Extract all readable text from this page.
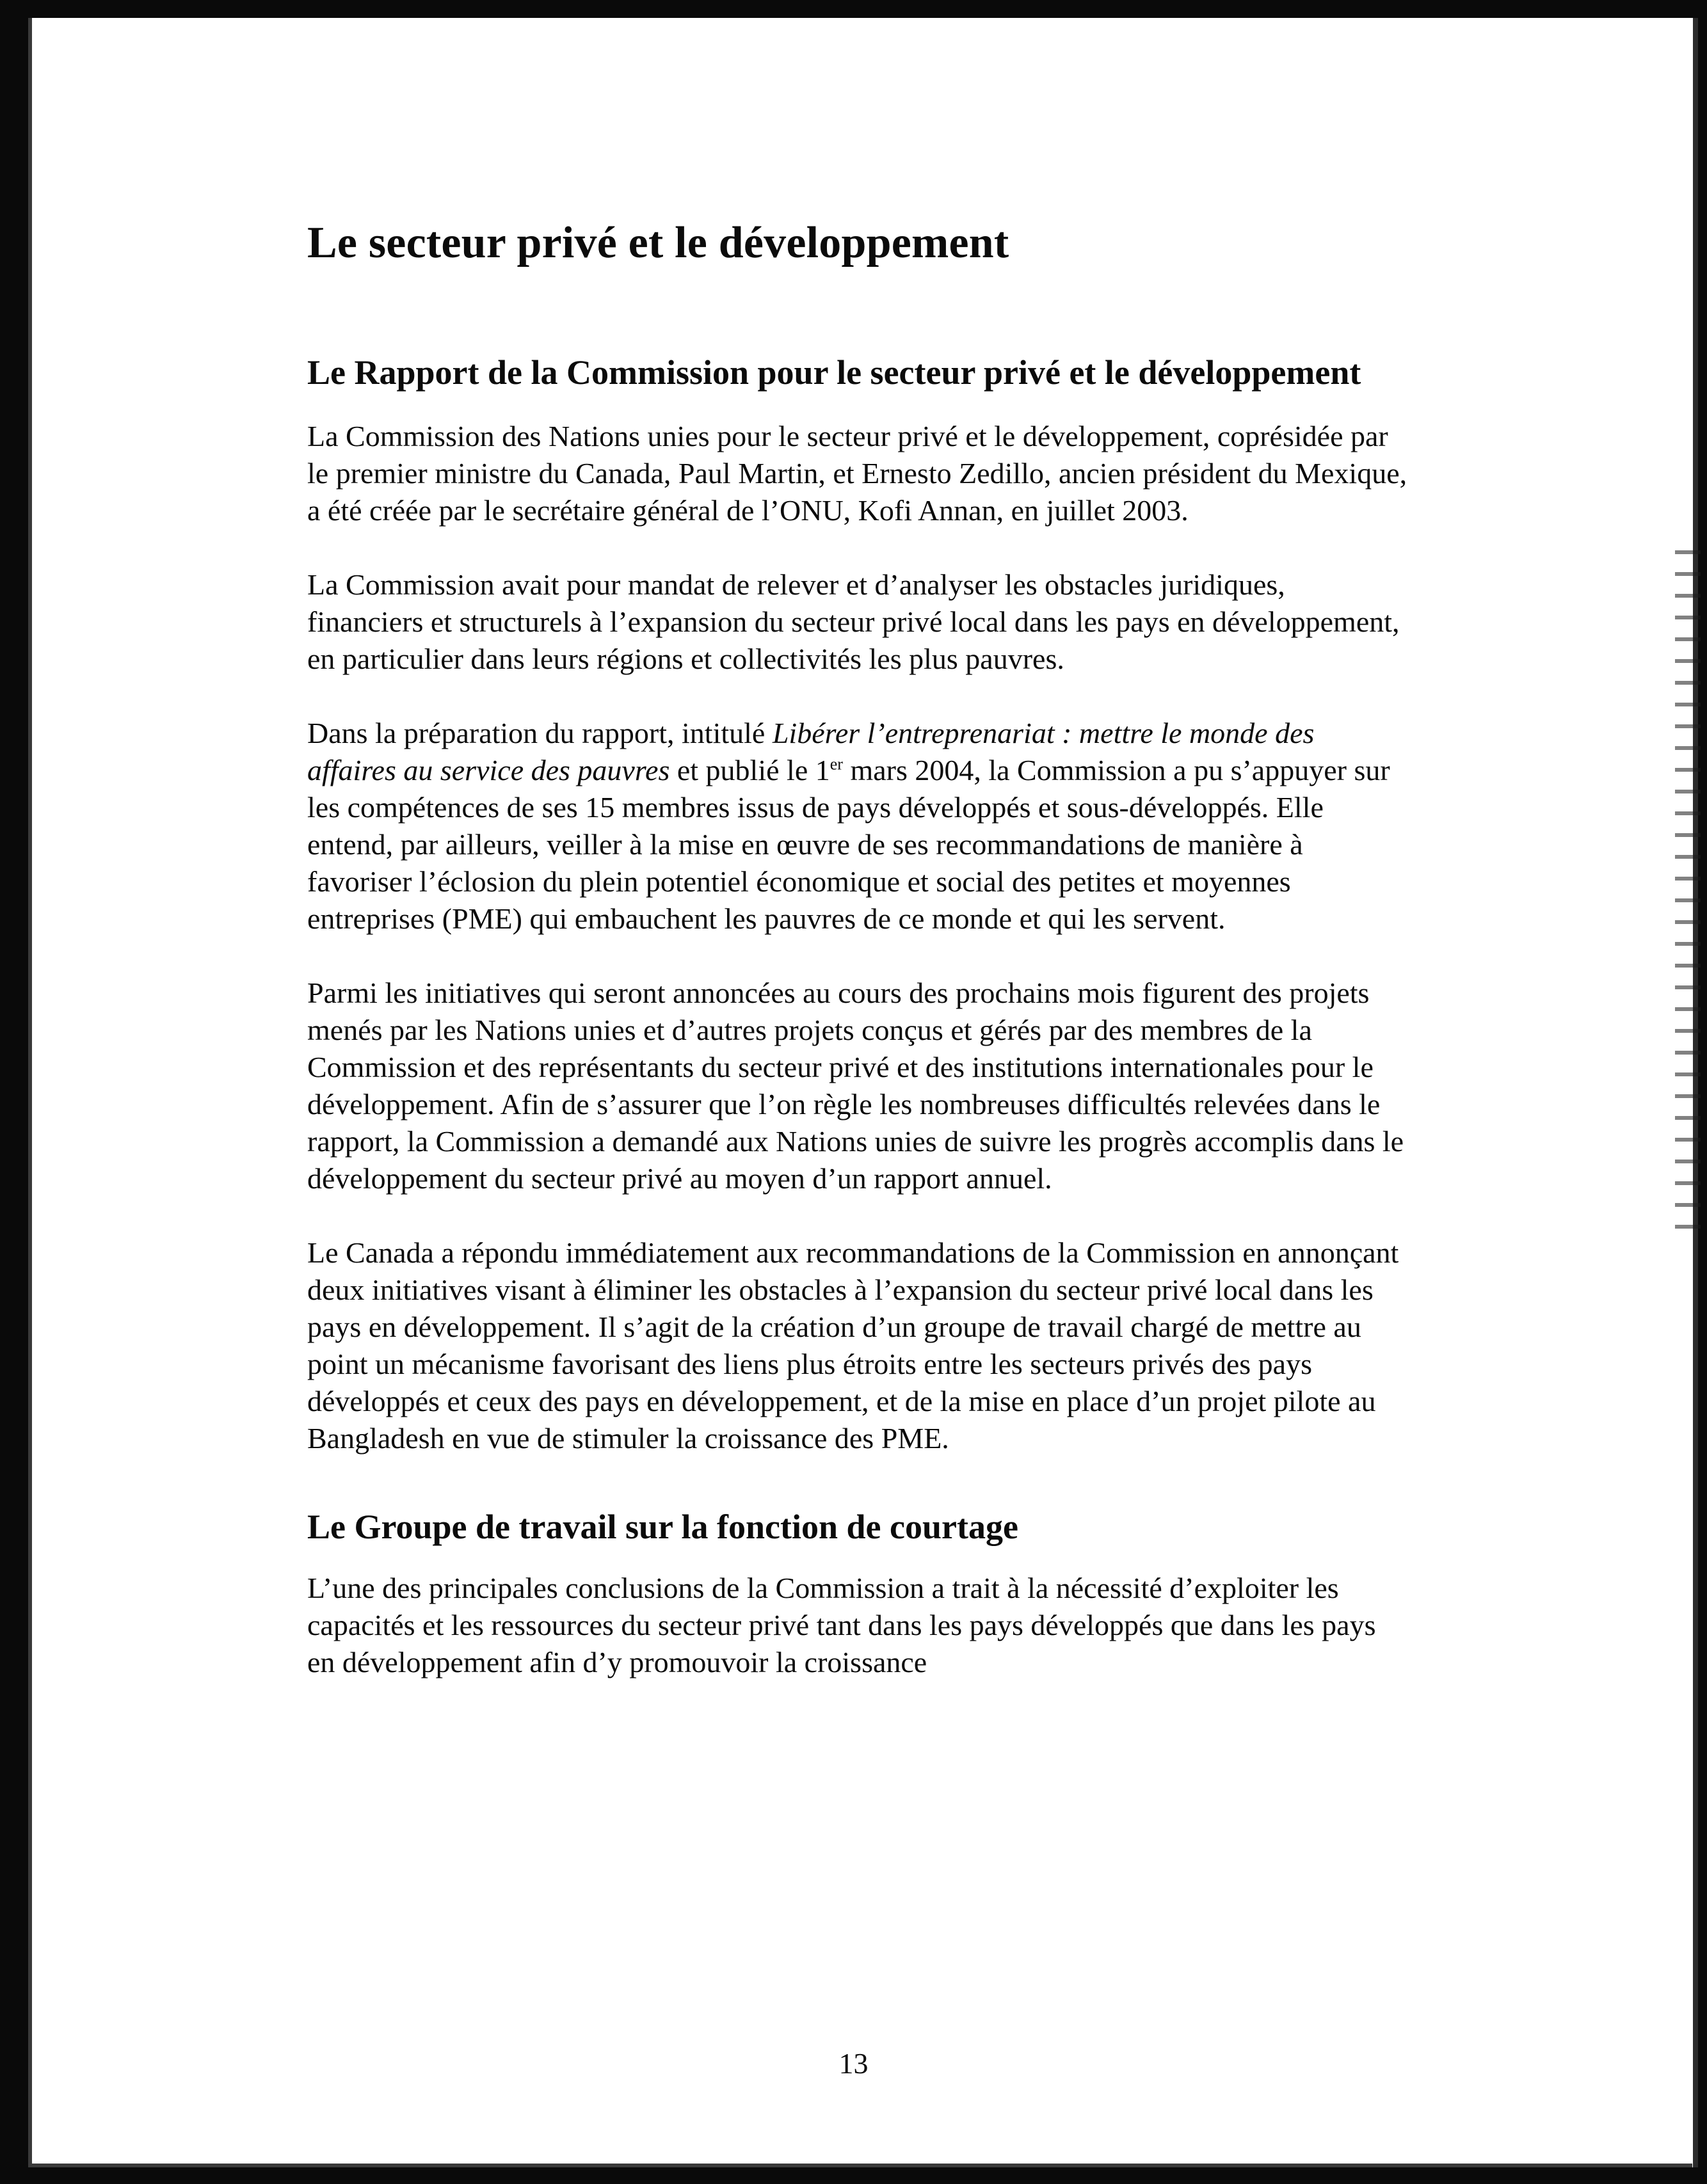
Le secteur privé et le développement
Le Rapport de la Commission pour le secteur privé et le développement

La Commission des Nations unies pour le secteur privé et le développement, coprésidée par le premier ministre du Canada, Paul Martin, et Ernesto Zedillo, ancien président du Mexique, a été créée par le secrétaire général de l’ONU, Kofi Annan, en juillet 2003.

La Commission avait pour mandat de relever et d’analyser les obstacles juridiques, financiers et structurels à l’expansion du secteur privé local dans les pays en développement, en particulier dans leurs régions et collectivités les plus pauvres.

Dans la préparation du rapport, intitulé Libérer l’entreprenariat : mettre le monde des affaires au service des pauvres et publié le 1er mars 2004, la Commission a pu s’appuyer sur les compétences de ses 15 membres issus de pays développés et sous-développés. Elle entend, par ailleurs, veiller à la mise en œuvre de ses recommandations de manière à favoriser l’éclosion du plein potentiel économique et social des petites et moyennes entreprises (PME) qui embauchent les pauvres de ce monde et qui les servent.

Parmi les initiatives qui seront annoncées au cours des prochains mois figurent des projets menés par les Nations unies et d’autres projets conçus et gérés par des membres de la Commission et des représentants du secteur privé et des institutions internationales pour le développement. Afin de s’assurer que l’on règle les nombreuses difficultés relevées dans le rapport, la Commission a demandé aux Nations unies de suivre les progrès accomplis dans le développement du secteur privé au moyen d’un rapport annuel.

Le Canada a répondu immédiatement aux recommandations de la Commission en annonçant deux initiatives visant à éliminer les obstacles à l’expansion du secteur privé local dans les pays en développement. Il s’agit de la création d’un groupe de travail chargé de mettre au point un mécanisme favorisant des liens plus étroits entre les secteurs privés des pays développés et ceux des pays en développement, et de la mise en place d’un projet pilote au Bangladesh en vue de stimuler la croissance des PME.

Le Groupe de travail sur la fonction de courtage

L’une des principales conclusions de la Commission a trait à la nécessité d’exploiter les capacités et les ressources du secteur privé tant dans les pays développés que dans les pays en développement afin d’y promouvoir la croissance

13
